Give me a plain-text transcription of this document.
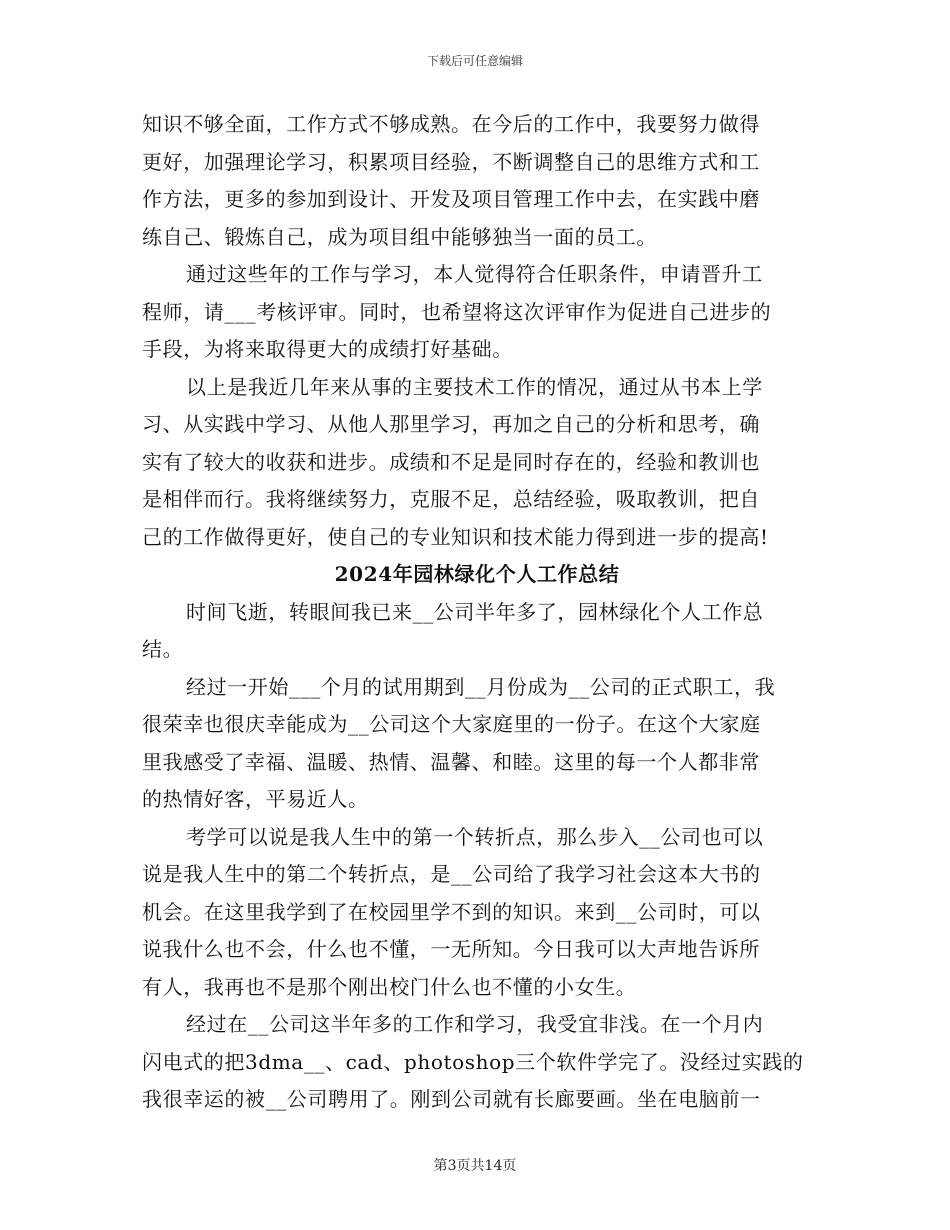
下载后可任意编辑
知识不够全面，工作方式不够成熟。在今后的工作中，我要努力做得
更好，加强理论学习，积累项目经验，不断调整自己的思维方式和工
作方法，更多的参加到设计、开发及项目管理工作中去，在实践中磨
练自己、锻炼自己，成为项目组中能够独当一面的员工。
通过这些年的工作与学习，本人觉得符合任职条件，申请晋升工
程师，请___考核评审。同时，也希望将这次评审作为促进自己进步的
手段，为将来取得更大的成绩打好基础。
以上是我近几年来从事的主要技术工作的情况，通过从书本上学
习、从实践中学习、从他人那里学习，再加之自己的分析和思考，确
实有了较大的收获和进步。成绩和不足是同时存在的，经验和教训也
是相伴而行。我将继续努力，克服不足，总结经验，吸取教训，把自
己的工作做得更好，使自己的专业知识和技术能力得到进一步的提高!
2024年园林绿化个人工作总结
时间飞逝，转眼间我已来__公司半年多了，园林绿化个人工作总
结。
经过一开始___个月的试用期到__月份成为__公司的正式职工，我
很荣幸也很庆幸能成为__公司这个大家庭里的一份子。在这个大家庭
里我感受了幸福、温暖、热情、温馨、和睦。这里的每一个人都非常
的热情好客，平易近人。
考学可以说是我人生中的第一个转折点，那么步入__公司也可以
说是我人生中的第二个转折点，是__公司给了我学习社会这本大书的
机会。在这里我学到了在校园里学不到的知识。来到__公司时，可以
说我什么也不会，什么也不懂，一无所知。今日我可以大声地告诉所
有人，我再也不是那个刚出校门什么也不懂的小女生。
经过在__公司这半年多的工作和学习，我受宜非浅。在一个月内
闪电式的把3dma__、cad、photoshop三个软件学完了。没经过实践的
我很幸运的被__公司聘用了。刚到公司就有长廊要画。坐在电脑前一
第3页共14页
